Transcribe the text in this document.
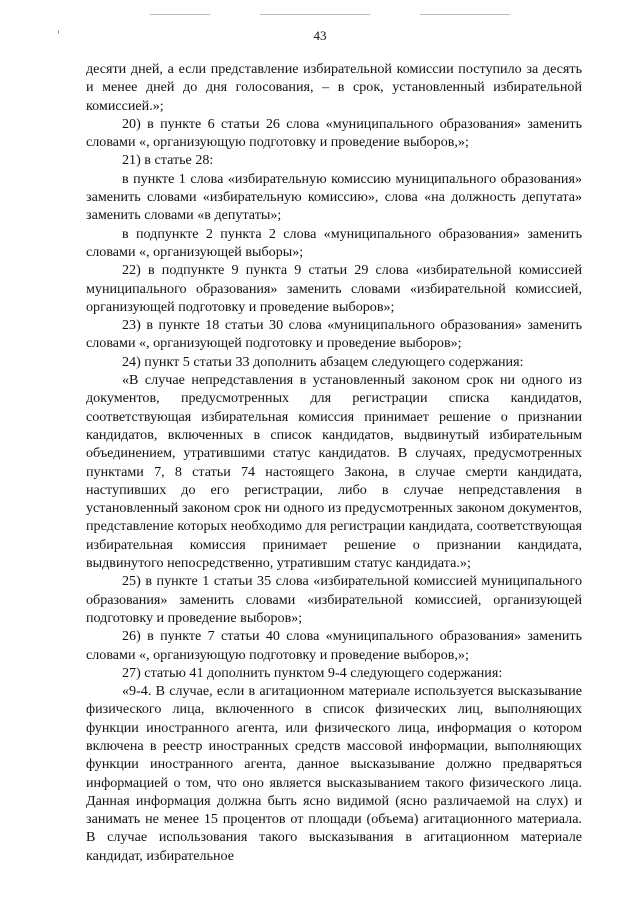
43

десяти дней, а если представление избирательной комиссии поступило за десять и менее дней до дня голосования, – в срок, установленный избирательной комиссией.»;

20) в пункте 6 статьи 26 слова «муниципального образования» заменить словами «, организующую подготовку и проведение выборов,»;

21) в статье 28:

в пункте 1 слова «избирательную комиссию муниципального образования» заменить словами «избирательную комиссию», слова «на должность депутата» заменить словами «в депутаты»;

в подпункте 2 пункта 2 слова «муниципального образования» заменить словами «, организующей выборы»;

22) в подпункте 9 пункта 9 статьи 29 слова «избирательной комиссией муниципального образования» заменить словами «избирательной комиссией, организующей подготовку и проведение выборов»;

23) в пункте 18 статьи 30 слова «муниципального образования» заменить словами «, организующей подготовку и проведение выборов»;

24) пункт 5 статьи 33 дополнить абзацем следующего содержания:

«В случае непредставления в установленный законом срок ни одного из документов, предусмотренных для регистрации списка кандидатов, соответствующая избирательная комиссия принимает решение о признании кандидатов, включенных в список кандидатов, выдвинутый избирательным объединением, утратившими статус кандидатов. В случаях, предусмотренных пунктами 7, 8 статьи 74 настоящего Закона, в случае смерти кандидата, наступивших до его регистрации, либо в случае непредставления в установленный законом срок ни одного из предусмотренных законом документов, представление которых необходимо для регистрации кандидата, соответствующая избирательная комиссия принимает решение о признании кандидата, выдвинутого непосредственно, утратившим статус кандидата.»;

25) в пункте 1 статьи 35 слова «избирательной комиссией муниципального образования» заменить словами «избирательной комиссией, организующей подготовку и проведение выборов»;

26) в пункте 7 статьи 40 слова «муниципального образования» заменить словами «, организующую подготовку и проведение выборов,»;

27) статью 41 дополнить пунктом 9-4 следующего содержания:

«9-4. В случае, если в агитационном материале используется высказывание физического лица, включенного в список физических лиц, выполняющих функции иностранного агента, или физического лица, информация о котором включена в реестр иностранных средств массовой информации, выполняющих функции иностранного агента, данное высказывание должно предваряться информацией о том, что оно является высказыванием такого физического лица. Данная информация должна быть ясно видимой (ясно различаемой на слух) и занимать не менее 15 процентов от площади (объема) агитационного материала. В случае использования такого высказывания в агитационном материале кандидат, избирательное
